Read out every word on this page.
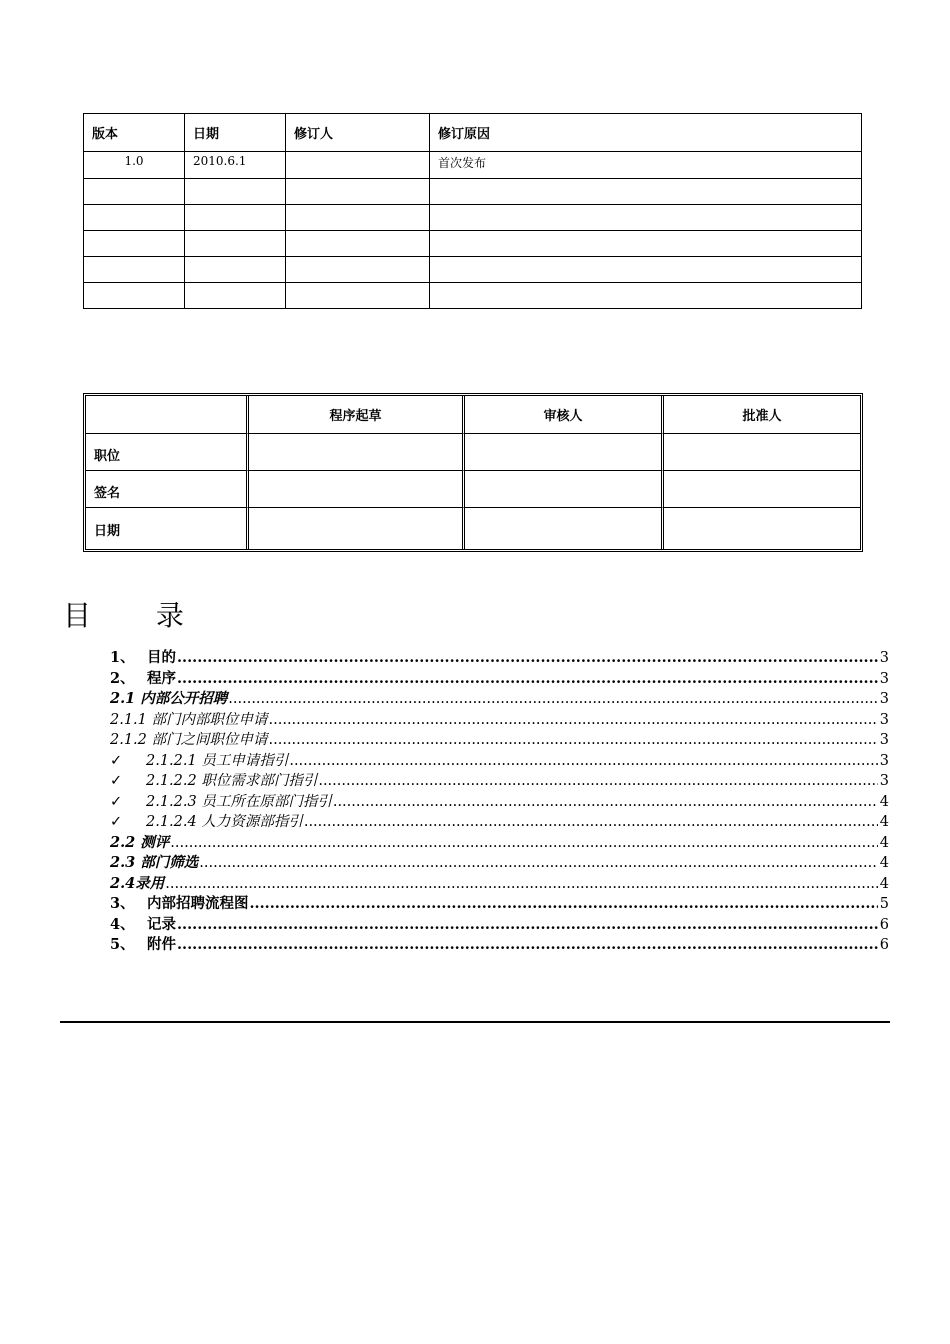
版本	日期	修订人	修订原因
1.0	2010.6.1		首次发布

	程序起草	审核人	批准人
职位			
签名			
日期			
目 录
1、 目的 .....	3
2、 程序 .....	3
2.1 内部公开招聘 .....	3
2.1.1 部门内部职位申请 .....	3
2.1.2 部门之间职位申请 .....	3
✓	2.1.2.1 员工申请指引 .....	3
✓	2.1.2.2 职位需求部门指引 .....	3
✓	2.1.2.3 员工所在原部门指引 .....	4
✓	2.1.2.4 人力资源部指引 .....	4
2.2 测评 .....	4
2.3 部门筛选 .....	4
2.4录用 .....	4
3、 内部招聘流程图 .....	5
4、 记录 .....	6
5、 附件 .....	6
